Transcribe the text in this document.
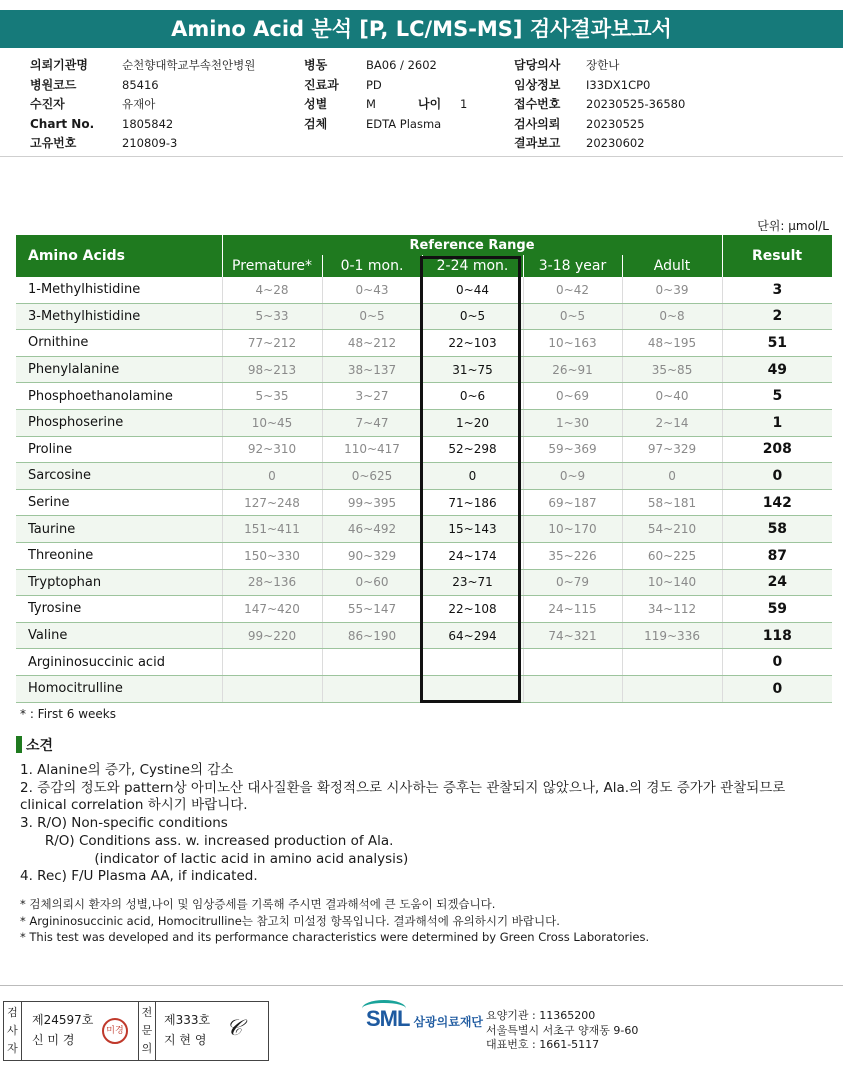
Amino Acid 분석 [P, LC/MS-MS] 검사결과보고서
의뢰기관명	순천향대학교부속천안병원
병원코드	85416
수진자	유재아
Chart No. 1805842
고유번호	210809-3
병동	BA06 / 2602
진료과 PD
성별	M	나이 1
검체	EDTA Plasma
담당의사 장한나
임상정보 I33DX1CP0
접수번호 20230525-36580
검사의뢰 20230525
결과보고 20230602
단위: μmol/L
Amino Acids	Reference Range					Result
	Premature*	0-1 mon.	2-24 mon.	3-18 year	Adult	
1-Methylhistidine	4~28	0~43	0~44	0~42	0~39	3
3-Methylhistidine	5~33	0~5	0~5	0~5	0~8	2
Ornithine	77~212	48~212	22~103	10~163	48~195	51
Phenylalanine	98~213	38~137	31~75	26~91	35~85	49
Phosphoethanolamine	5~35	3~27	0~6	0~69	0~40	5
Phosphoserine	10~45	7~47	1~20	1~30	2~14	1
Proline	92~310	110~417	52~298	59~369	97~329	208
Sarcosine	0	0~625	0	0~9	0	0
Serine	127~248	99~395	71~186	69~187	58~181	142
Taurine	151~411	46~492	15~143	10~170	54~210	58
Threonine	150~330	90~329	24~174	35~226	60~225	87
Tryptophan	28~136	0~60	23~71	0~79	10~140	24
Tyrosine	147~420	55~147	22~108	24~115	34~112	59
Valine	99~220	86~190	64~294	74~321	119~336	118
Argininosuccinic acid						0
Homocitrulline						0
* : First 6 weeks
소견
1. Alanine의 증가, Cystine의 감소
2. 증감의 정도와 pattern상 아미노산 대사질환을 확정적으로 시사하는 증후는 관찰되지 않았으나, Ala.의 경도 증가가 관찰되므로
clinical correlation 하시기 바랍니다.
3. R/O) Non-specific conditions
R/O) Conditions ass. w. increased production of Ala.
(indicator of lactic acid in amino acid analysis)
4. Rec) F/U Plasma AA, if indicated.
* 검체의뢰시 환자의 성별,나이 및 임상증세를 기록해 주시면 결과해석에 큰 도움이 되겠습니다.
* Argininosuccinic acid, Homocitrulline는 참고치 미설정 항목입니다. 결과해석에 유의하시기 바랍니다.
* This test was developed and its performance characteristics were determined by Green Cross Laboratories.
검사자
제24597호
신 미 경
미경
전문의
제333호
지 현 영 𝒞	SML 삼광의료재단 요양기관 : 11365200
서울특별시 서초구 양재동 9-60
대표번호 : 1661-5117
